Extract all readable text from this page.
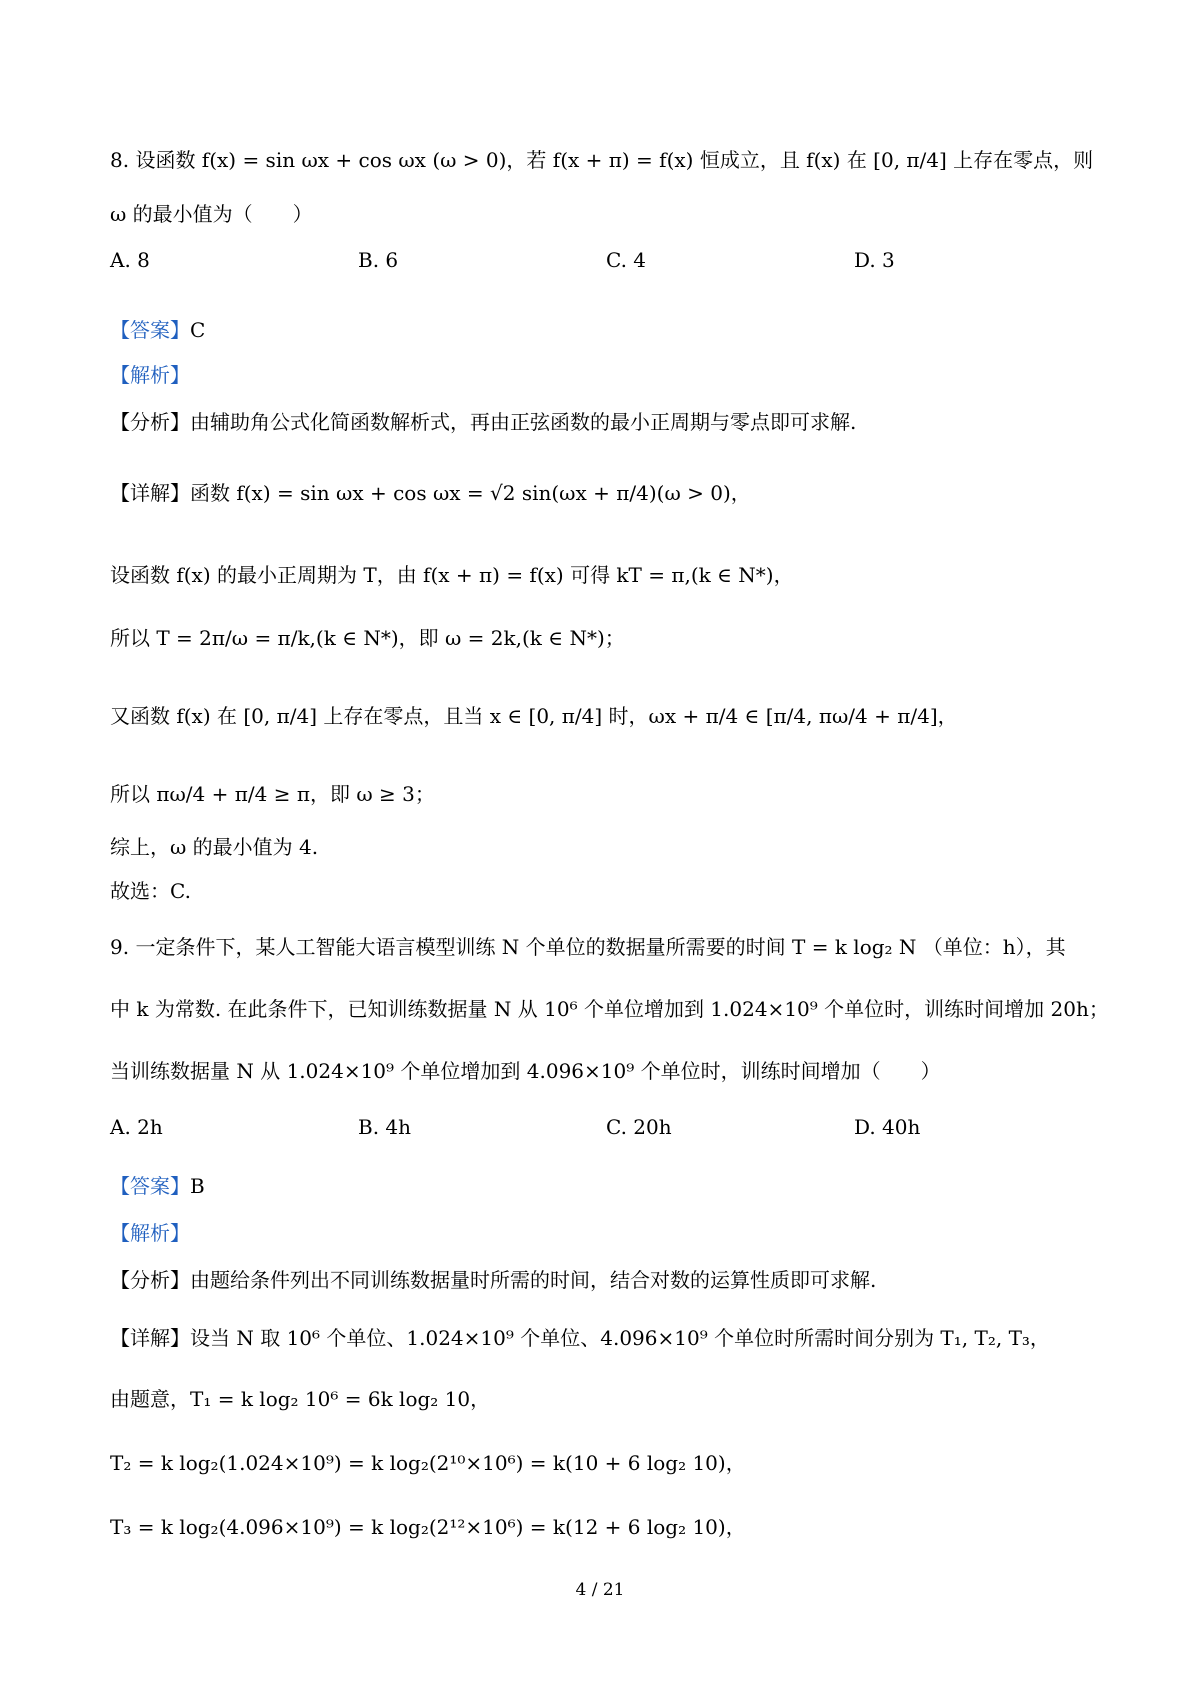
8. 设函数 f(x) = sin ωx + cos ωx (ω > 0)，若 f(x + π) = f(x) 恒成立，且 f(x) 在 [0, π/4] 上存在零点，则
ω 的最小值为（　　）
A. 8	B. 6	C. 4	D. 3
【答案】C
【解析】
【分析】由辅助角公式化简函数解析式，再由正弦函数的最小正周期与零点即可求解.
【详解】函数 f(x) = sin ωx + cos ωx = √2 sin(ωx + π/4)(ω > 0)，
设函数 f(x) 的最小正周期为 T，由 f(x + π) = f(x) 可得 kT = π,(k ∈ N*)，
所以 T = 2π/ω = π/k,(k ∈ N*)，即 ω = 2k,(k ∈ N*)；
又函数 f(x) 在 [0, π/4] 上存在零点，且当 x ∈ [0, π/4] 时，ωx + π/4 ∈ [π/4, πω/4 + π/4]，
所以 πω/4 + π/4 ≥ π，即 ω ≥ 3；
综上，ω 的最小值为 4.
故选：C.
9. 一定条件下，某人工智能大语言模型训练 N 个单位的数据量所需要的时间 T = k log₂ N （单位：h），其
中 k 为常数. 在此条件下，已知训练数据量 N 从 10⁶ 个单位增加到 1.024×10⁹ 个单位时，训练时间增加 20h；
当训练数据量 N 从 1.024×10⁹ 个单位增加到 4.096×10⁹ 个单位时，训练时间增加（　　）
A. 2h	B. 4h	C. 20h	D. 40h
【答案】B
【解析】
【分析】由题给条件列出不同训练数据量时所需的时间，结合对数的运算性质即可求解.
【详解】设当 N 取 10⁶ 个单位、1.024×10⁹ 个单位、4.096×10⁹ 个单位时所需时间分别为 T₁, T₂, T₃，
由题意，T₁ = k log₂ 10⁶ = 6k log₂ 10，
T₂ = k log₂(1.024×10⁹) = k log₂(2¹⁰×10⁶) = k(10 + 6 log₂ 10)，
T₃ = k log₂(4.096×10⁹) = k log₂(2¹²×10⁶) = k(12 + 6 log₂ 10)，
4 / 21
